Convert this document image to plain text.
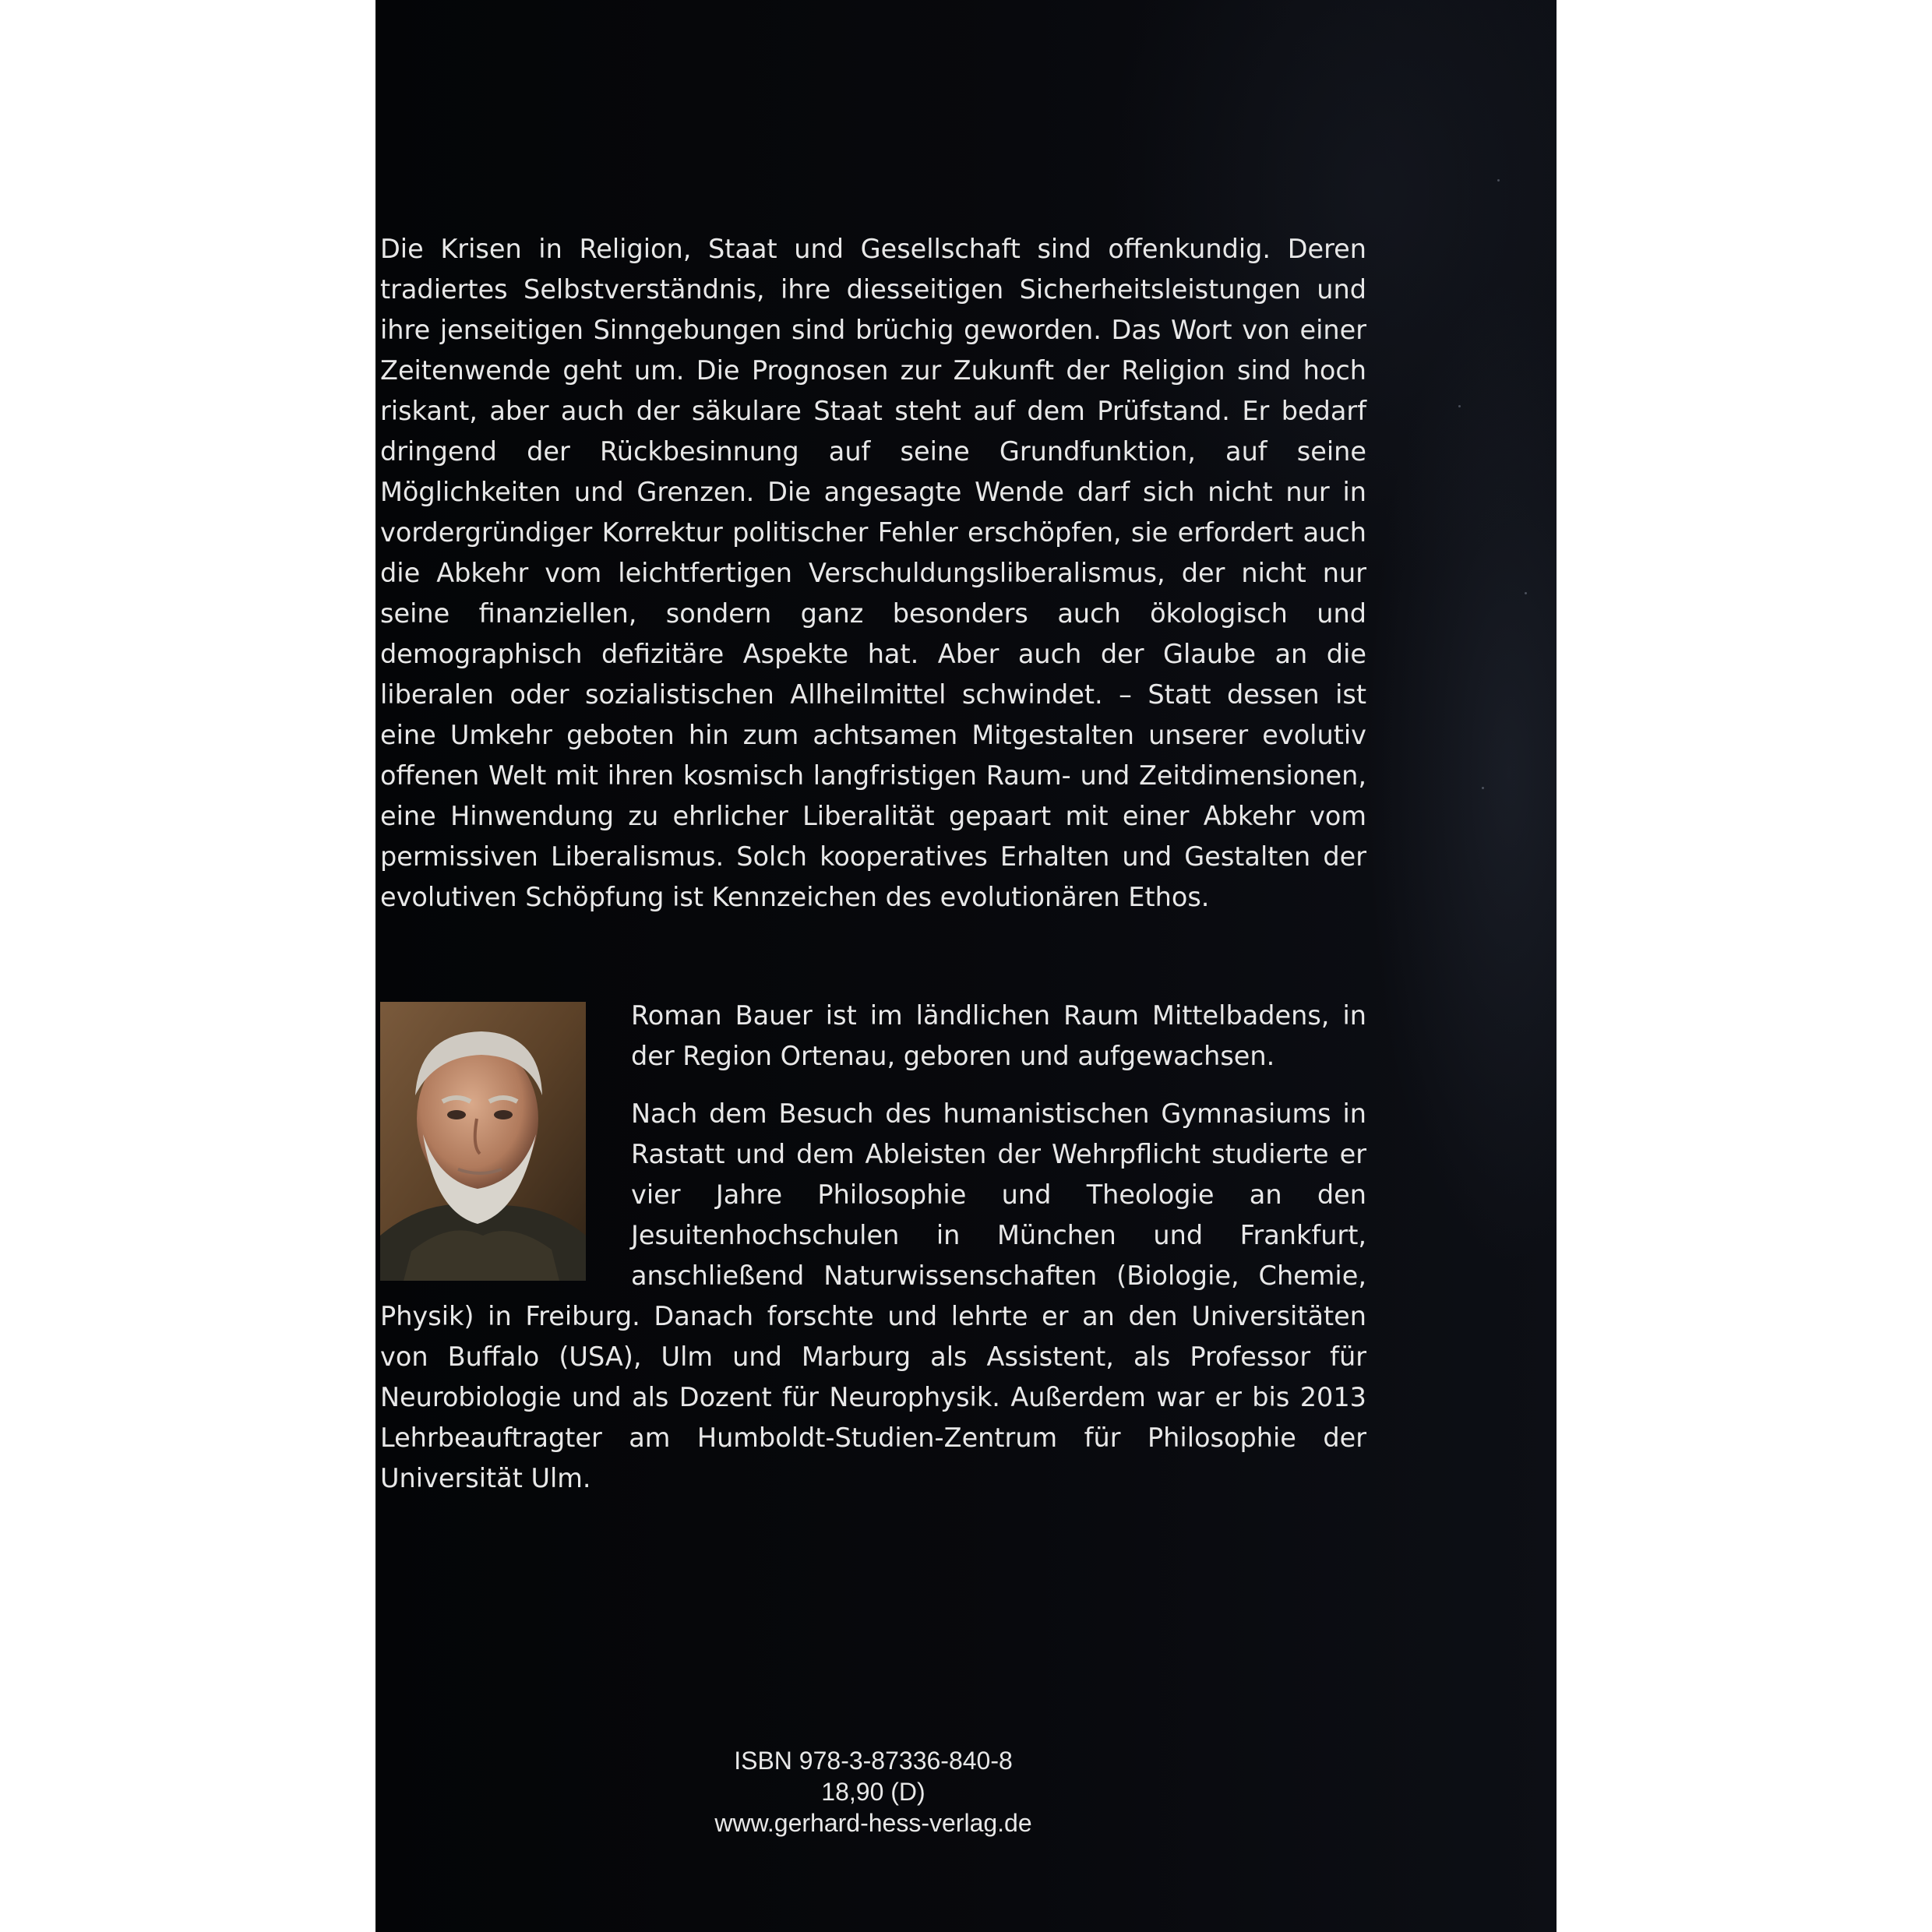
Die Krisen in Religion, Staat und Gesellschaft sind offenkundig. Deren tradiertes Selbstverständnis, ihre diesseitigen Sicherheitsleistungen und ihre jenseitigen Sinngebungen sind brüchig geworden. Das Wort von einer Zeitenwende geht um. Die Prognosen zur Zukunft der Religion sind hoch riskant, aber auch der säkulare Staat steht auf dem Prüfstand. Er bedarf dringend der Rückbesinnung auf seine Grundfunktion, auf seine Möglichkeiten und Grenzen. Die angesagte Wende darf sich nicht nur in vordergründiger Korrektur politischer Fehler erschöpfen, sie erfordert auch die Abkehr vom leichtfertigen Verschuldungsliberalismus, der nicht nur seine finanziellen, sondern ganz besonders auch ökologisch und demographisch defizitäre Aspekte hat. Aber auch der Glaube an die liberalen oder sozialistischen Allheilmittel schwindet. – Statt dessen ist eine Umkehr geboten hin zum achtsamen Mitgestalten unserer evolutiv offenen Welt mit ihren kosmisch langfristigen Raum- und Zeitdimensionen, eine Hinwendung zu ehrlicher Liberalität gepaart mit einer Abkehr vom permissiven Liberalismus. Solch kooperatives Erhalten und Gestalten der evolutiven Schöpfung ist Kennzeichen des evolutionären Ethos.

Roman Bauer ist im ländlichen Raum Mittelbadens, in der Region Ortenau, geboren und aufgewachsen.

Nach dem Besuch des humanistischen Gymnasiums in Rastatt und dem Ableisten der Wehrpflicht studierte er vier Jahre Philosophie und Theologie an den Jesuitenhochschulen in München und Frankfurt, anschließend Naturwissenschaften (Biologie, Chemie, Physik) in Freiburg. Danach forschte und lehrte er an den Universitäten von Buffalo (USA), Ulm und Marburg als Assistent, als Professor für Neurobiologie und als Dozent für Neurophysik. Außerdem war er bis 2013 Lehrbeauftragter am Humboldt-Studien-Zentrum für Philosophie der Universität Ulm.

ISBN 978-3-87336-840-8
18,90 (D)
www.gerhard-hess-verlag.de
